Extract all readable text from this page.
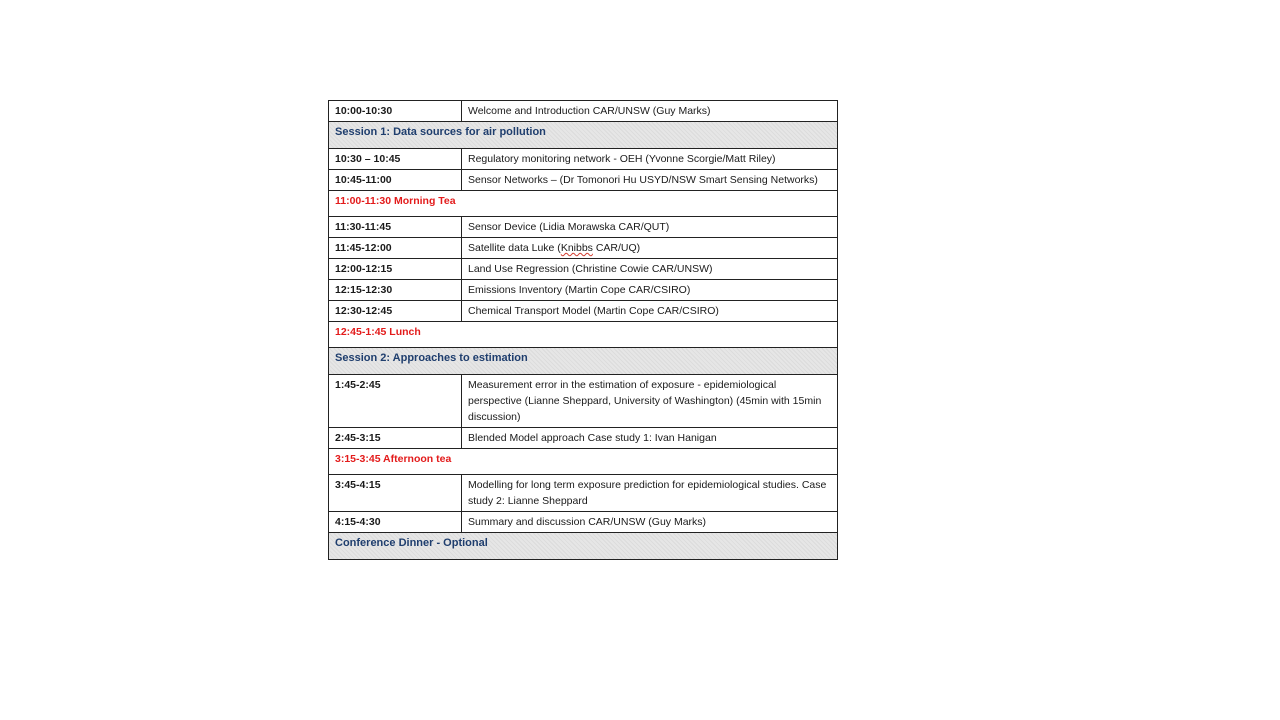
10:00-10:30	Welcome and Introduction CAR/UNSW (Guy Marks)
Session 1: Data sources for air pollution	
10:30 – 10:45	Regulatory monitoring network - OEH (Yvonne Scorgie/Matt Riley)
10:45-11:00	Sensor Networks – (Dr Tomonori Hu USYD/NSW Smart Sensing Networks)
11:00-11:30 Morning Tea	
11:30-11:45	Sensor Device (Lidia Morawska CAR/QUT)
11:45-12:00	Satellite data Luke (Knibbs CAR/UQ)
12:00-12:15	Land Use Regression (Christine Cowie CAR/UNSW)
12:15-12:30	Emissions Inventory (Martin Cope CAR/CSIRO)
12:30-12:45	Chemical Transport Model (Martin Cope CAR/CSIRO)
12:45-1:45 Lunch	
Session 2: Approaches to estimation	
1:45-2:45	Measurement error in the estimation of exposure - epidemiological perspective (Lianne Sheppard, University of Washington) (45min with 15min discussion)
2:45-3:15	Blended Model approach Case study 1: Ivan Hanigan
3:15-3:45 Afternoon tea	
3:45-4:15	Modelling for long term exposure prediction for epidemiological studies. Case study 2: Lianne Sheppard
4:15-4:30	Summary and discussion CAR/UNSW (Guy Marks)
Conference Dinner - Optional	
